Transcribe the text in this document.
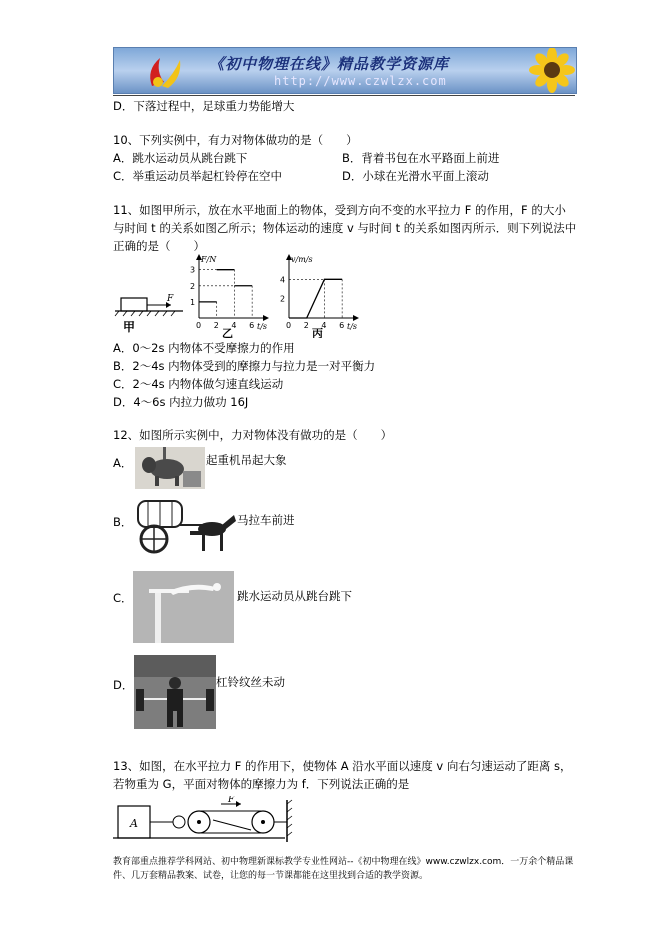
《初中物理在线》精品教学资源库
http://www.czwlzx.com
D．下落过程中，足球重力势能增大
10、下列实例中，有力对物体做功的是（　　）
A．跳水运动员从跳台跳下	B．背着书包在水平路面上前进
C．举重运动员举起杠铃停在空中	D．小球在光滑水平面上滚动
11、如图甲所示，放在水平地面上的物体，受到方向不变的水平拉力 F 的作用，F 的大小
与时间 t 的关系如图乙所示；物体运动的速度 v 与时间 t 的关系如图丙所示．则下列说法中
正确的是（　　）
F
甲	0 2 4 6
1
2
3
F/N
t/s
乙
0 2 4 6
2
4
v/m/s
t/s
丙
A．0～2s 内物体不受摩擦力的作用
B．2～4s 内物体受到的摩擦力与拉力是一对平衡力
C．2～4s 内物体做匀速直线运动
D．4～6s 内拉力做功 16J
12、如图所示实例中，力对物体没有做功的是（　　）
A．	起重机吊起大象
B．	马拉车前进
C．	跳水运动员从跳台跳下
D．	杠铃纹丝未动
13、如图，在水平拉力 F 的作用下，使物体 A 沿水平面以速度 v 向右匀速运动了距离 s，
若物重为 G，平面对物体的摩擦力为 f．下列说法正确的是
A
F
教育部重点推荐学科网站、初中物理新课标教学专业性网站--《初中物理在线》www.czwlzx.com．一万余个精品课件、几万套精品教案、试卷，让您的每一节课都能在这里找到合适的教学资源。
